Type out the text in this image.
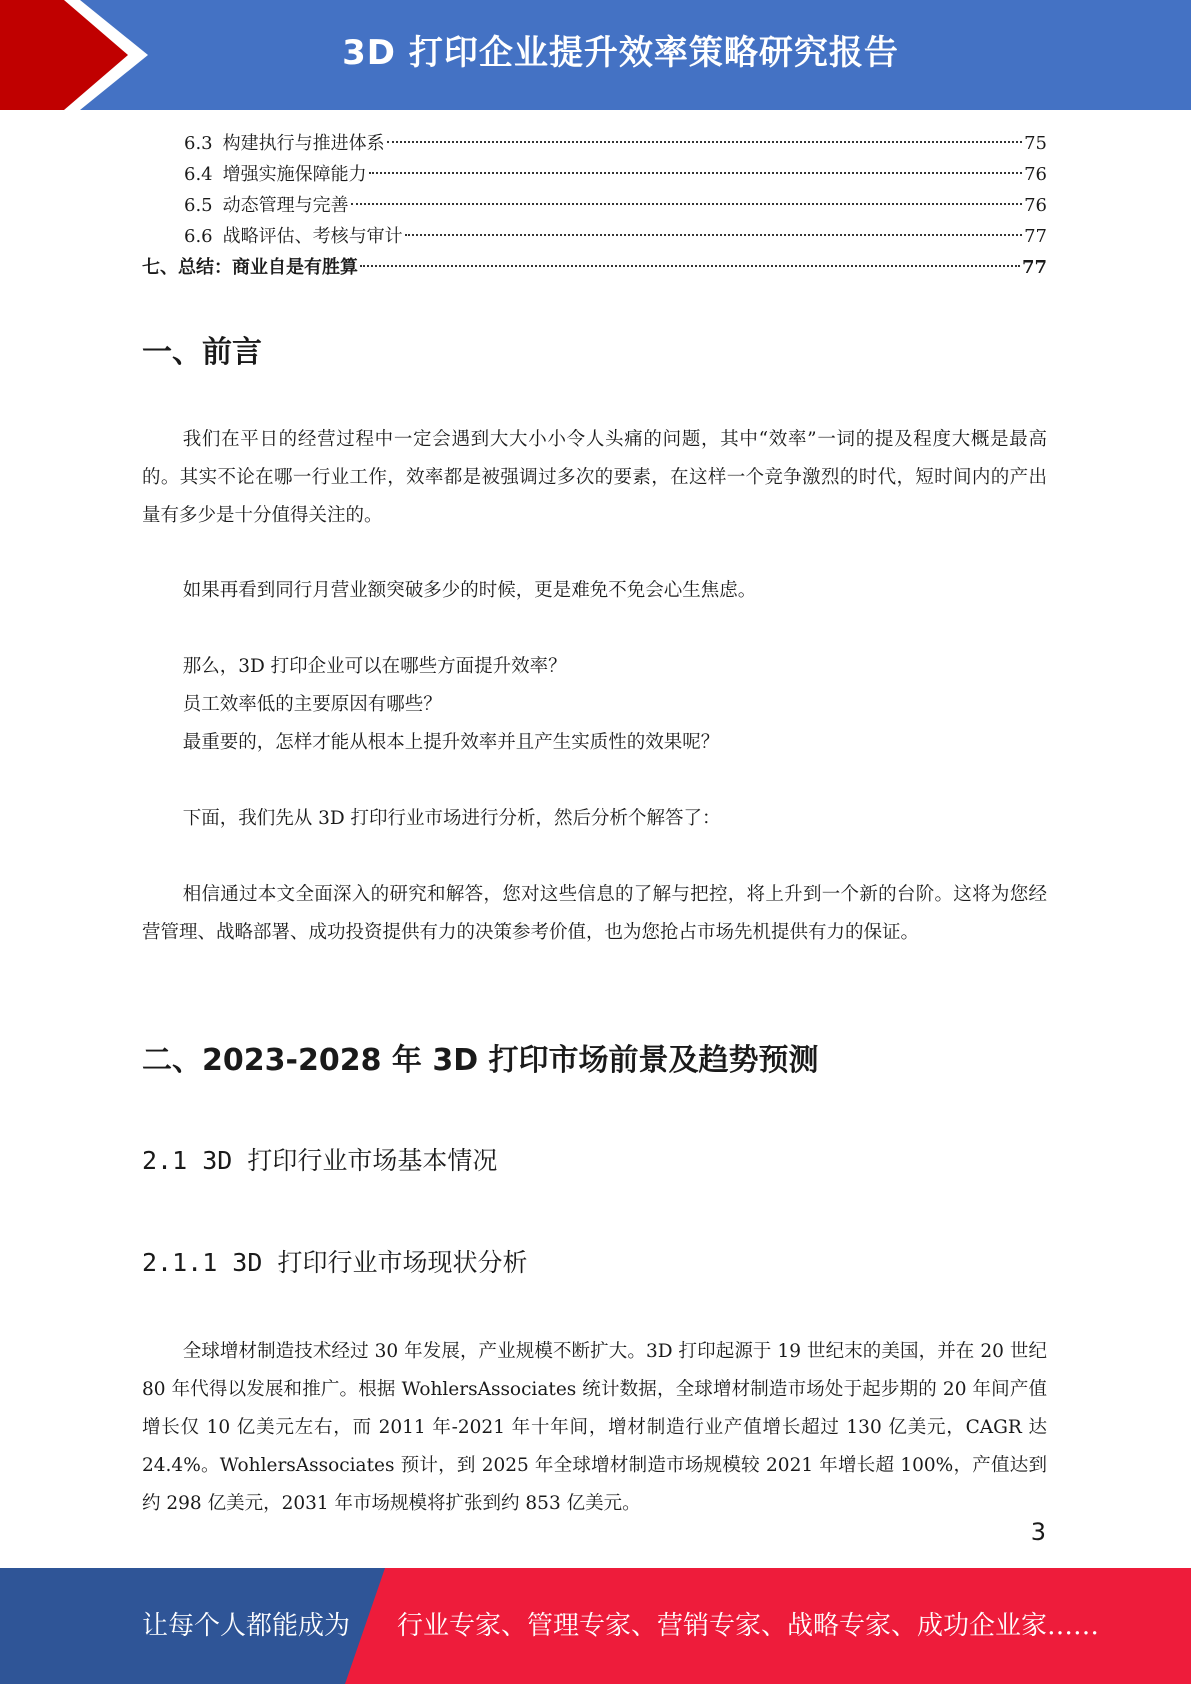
3D 打印企业提升效率策略研究报告
6.3 构建执行与推进体系	75
6.4 增强实施保障能力	76
6.5 动态管理与完善	76
6.6 战略评估、考核与审计	77
七、总结：商业自是有胜算	77
一、前言

我们在平日的经营过程中一定会遇到大大小小令人头痛的问题，其中“效率”一词的提及程度大概是最高的。其实不论在哪一行业工作，效率都是被强调过多次的要素，在这样一个竞争激烈的时代，短时间内的产出量有多少是十分值得关注的。

如果再看到同行月营业额突破多少的时候，更是难免不免会心生焦虑。

那么，3D 打印企业可以在哪些方面提升效率？

员工效率低的主要原因有哪些？

最重要的，怎样才能从根本上提升效率并且产生实质性的效果呢？

下面，我们先从 3D 打印行业市场进行分析，然后分析个解答了：

相信通过本文全面深入的研究和解答，您对这些信息的了解与把控，将上升到一个新的台阶。这将为您经营管理、战略部署、成功投资提供有力的决策参考价值，也为您抢占市场先机提供有力的保证。

二、2023-2028 年 3D 打印市场前景及趋势预测
2.1 3D 打印行业市场基本情况
2.1.1 3D 打印行业市场现状分析

全球增材制造技术经过 30 年发展，产业规模不断扩大。3D 打印起源于 19 世纪末的美国，并在 20 世纪 80 年代得以发展和推广。根据 WohlersAssociates 统计数据，全球增材制造市场处于起步期的 20 年间产值增长仅 10 亿美元左右，而 2011 年-2021 年十年间，增材制造行业产值增长超过 130 亿美元，CAGR 达 24.4%。WohlersAssociates 预计，到 2025 年全球增材制造市场规模较 2021 年增长超 100%，产值达到约 298 亿美元，2031 年市场规模将扩张到约 853 亿美元。

3
让每个人都能成为 行业专家、管理专家、营销专家、战略专家、成功企业家……
